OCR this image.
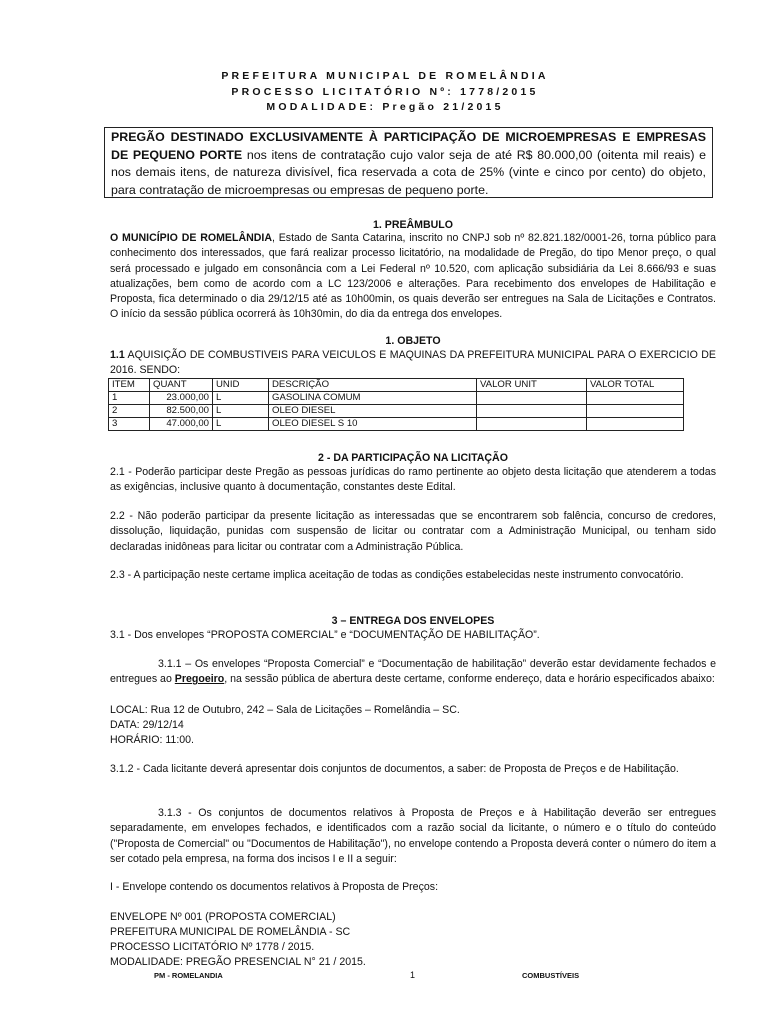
PREFEITURA MUNICIPAL DE ROMELÂNDIA
PROCESSO LICITATÓRIO Nº: 1778/2015
MODALIDADE: Pregão 21/2015
PREGÃO DESTINADO EXCLUSIVAMENTE À PARTICIPAÇÃO DE MICROEMPRESAS E EMPRESAS DE PEQUENO PORTE nos itens de contratação cujo valor seja de até R$ 80.000,00 (oitenta mil reais) e nos demais itens, de natureza divisível, fica reservada a cota de 25% (vinte e cinco por cento) do objeto, para contratação de microempresas ou empresas de pequeno porte.
1. PREÂMBULO
O MUNICÍPIO DE ROMELÂNDIA, Estado de Santa Catarina, inscrito no CNPJ sob nº 82.821.182/0001-26, torna público para conhecimento dos interessados, que fará realizar processo licitatório, na modalidade de Pregão, do tipo Menor preço, o qual será processado e julgado em consonância com a Lei Federal nº 10.520, com aplicação subsidiária da Lei 8.666/93 e suas atualizações, bem como de acordo com a LC 123/2006 e alterações. Para recebimento dos envelopes de Habilitação e Proposta, fica determinado o dia 29/12/15 até as 10h00min, os quais deverão ser entregues na Sala de Licitações e Contratos. O início da sessão pública ocorrerá às 10h30min, do dia da entrega dos envelopes.
1. OBJETO
1.1 AQUISIÇÃO DE COMBUSTIVEIS PARA VEICULOS E MAQUINAS DA PREFEITURA MUNICIPAL PARA O EXERCICIO DE 2016. SENDO:
ITEM	QUANT	UNID	DESCRIÇÃO	VALOR UNIT	VALOR TOTAL
1	23.000,00	L	GASOLINA COMUM		
2	82.500,00	L	OLEO DIESEL		
3	47.000,00	L	OLEO DIESEL S 10		
2 - DA PARTICIPAÇÃO NA LICITAÇÃO
2.1 - Poderão participar deste Pregão as pessoas jurídicas do ramo pertinente ao objeto desta licitação que atenderem a todas as exigências, inclusive quanto à documentação, constantes deste Edital.
2.2 - Não poderão participar da presente licitação as interessadas que se encontrarem sob falência, concurso de credores, dissolução, liquidação, punidas com suspensão de licitar ou contratar com a Administração Municipal, ou tenham sido declaradas inidôneas para licitar ou contratar com a Administração Pública.
2.3 - A participação neste certame implica aceitação de todas as condições estabelecidas neste instrumento convocatório.
3 – ENTREGA DOS ENVELOPES
3.1 - Dos envelopes “PROPOSTA COMERCIAL” e “DOCUMENTAÇÃO DE HABILITAÇÃO”.
3.1.1 – Os envelopes “Proposta Comercial” e “Documentação de habilitação” deverão estar devidamente fechados e entregues ao Pregoeiro, na sessão pública de abertura deste certame, conforme endereço, data e horário especificados abaixo:
LOCAL: Rua 12 de Outubro, 242 – Sala de Licitações – Romelândia – SC.
DATA: 29/12/14
HORÁRIO: 11:00.
3.1.2 - Cada licitante deverá apresentar dois conjuntos de documentos, a saber: de Proposta de Preços e de Habilitação.
3.1.3 - Os conjuntos de documentos relativos à Proposta de Preços e à Habilitação deverão ser entregues separadamente, em envelopes fechados, e identificados com a razão social da licitante, o número e o título do conteúdo ("Proposta de Comercial" ou "Documentos de Habilitação"), no envelope contendo a Proposta deverá conter o número do item a ser cotado pela empresa, na forma dos incisos I e II a seguir:
I - Envelope contendo os documentos relativos à Proposta de Preços:
ENVELOPE Nº 001 (PROPOSTA COMERCIAL)
PREFEITURA MUNICIPAL DE ROMELÂNDIA - SC
PROCESSO LICITATÓRIO Nº 1778 / 2015.
MODALIDADE: PREGÃO PRESENCIAL N° 21 / 2015.
PM - ROMELANDIA	1	COMBUSTÍVEIS
